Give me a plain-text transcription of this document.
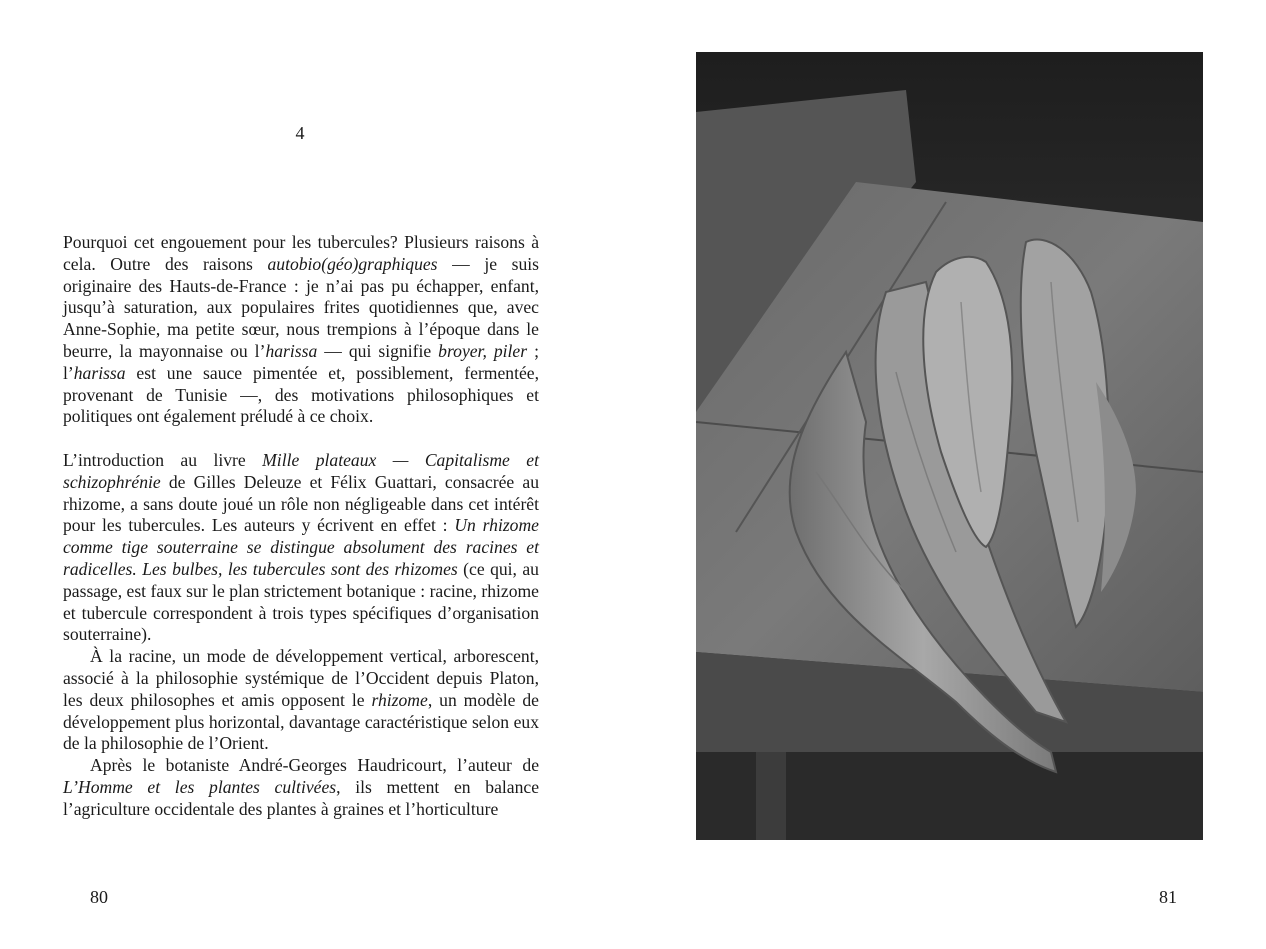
4

Pourquoi cet engouement pour les tubercules? Plusieurs raisons à cela. Outre des raisons autobio(géo)graphiques — je suis originaire des Hauts-de-France : je n’ai pas pu échapper, enfant, jusqu’à saturation, aux populaires frites quotidiennes que, avec Anne-Sophie, ma petite sœur, nous trempions à l’époque dans le beurre, la mayonnaise ou l’harissa — qui signifie broyer, piler ; l’harissa est une sauce pimentée et, possiblement, fermentée, provenant de Tunisie —, des motivations philosophiques et politiques ont également préludé à ce choix.

L’introduction au livre Mille plateaux — Capitalisme et schizophrénie de Gilles Deleuze et Félix Guattari, consacrée au rhizome, a sans doute joué un rôle non négligeable dans cet intérêt pour les tubercules. Les auteurs y écrivent en effet : Un rhizome comme tige souterraine se distingue absolument des racines et radicelles. Les bulbes, les tubercules sont des rhizomes (ce qui, au passage, est faux sur le plan strictement botanique : racine, rhizome et tubercule correspondent à trois types spécifiques d’organisation souterraine).

À la racine, un mode de développement vertical, arborescent, associé à la philosophie systémique de l’Occident depuis Platon, les deux philosophes et amis opposent le rhizome, un modèle de développement plus horizontal, davantage caractéristique selon eux de la philosophie de l’Orient.

Après le botaniste André-Georges Haudricourt, l’auteur de L’Homme et les plantes cultivées, ils mettent en balance l’agriculture occidentale des plantes à graines et l’horticulture

80	81
